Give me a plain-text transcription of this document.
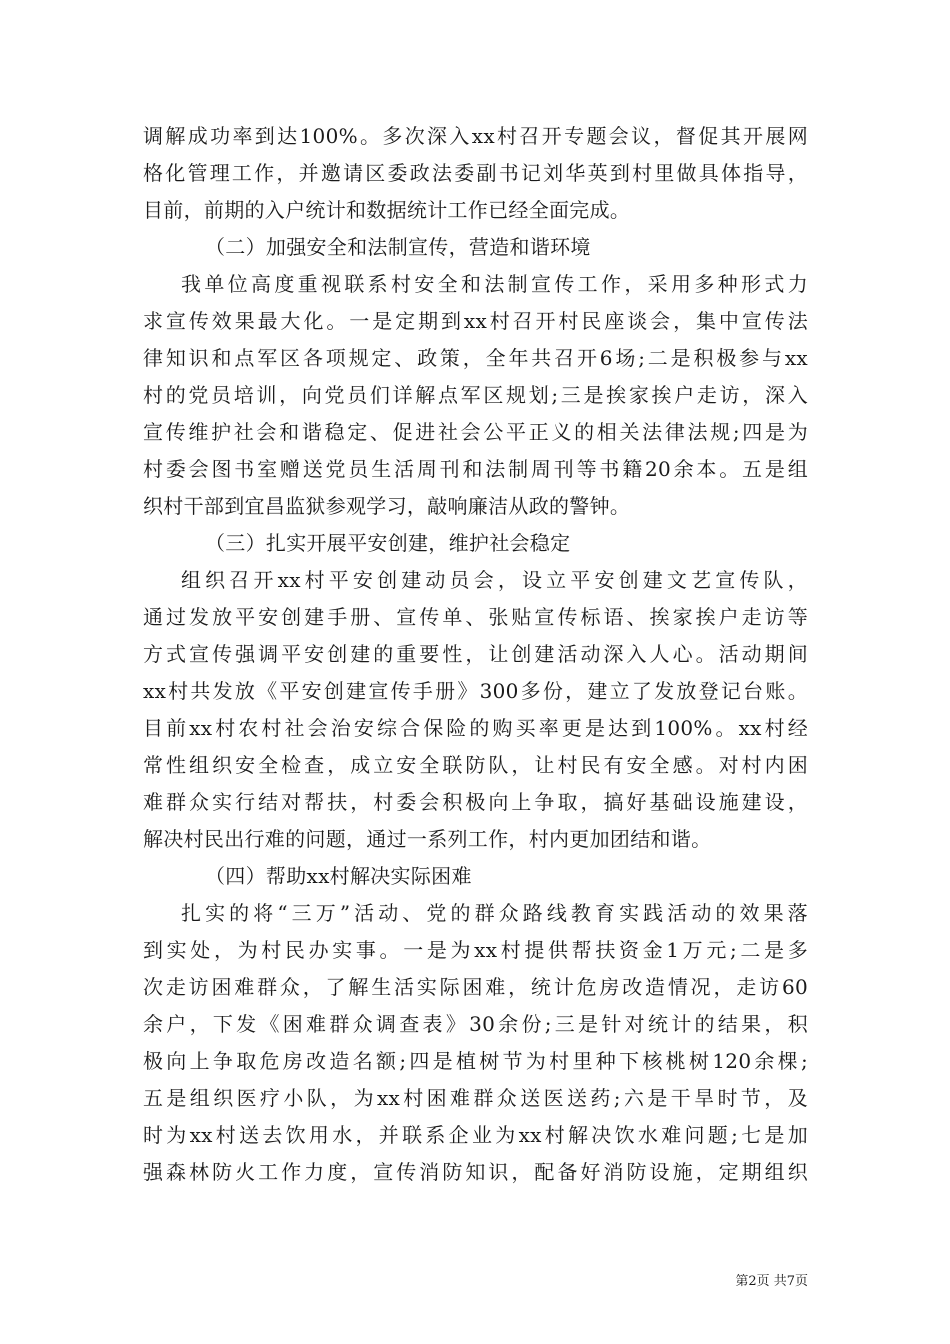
调解成功率到达100%。多次深入xx村召开专题会议，督促其开展网
格化管理工作，并邀请区委政法委副书记刘华英到村里做具体指导，
目前，前期的入户统计和数据统计工作已经全面完成。
（二）加强安全和法制宣传，营造和谐环境
我单位高度重视联系村安全和法制宣传工作，采用多种形式力
求宣传效果最大化。一是定期到xx村召开村民座谈会，集中宣传法
律知识和点军区各项规定、政策，全年共召开6场;二是积极参与xx
村的党员培训，向党员们详解点军区规划;三是挨家挨户走访，深入
宣传维护社会和谐稳定、促进社会公平正义的相关法律法规;四是为
村委会图书室赠送党员生活周刊和法制周刊等书籍20余本。五是组
织村干部到宜昌监狱参观学习，敲响廉洁从政的警钟。
（三）扎实开展平安创建，维护社会稳定
组织召开xx村平安创建动员会，设立平安创建文艺宣传队，
通过发放平安创建手册、宣传单、张贴宣传标语、挨家挨户走访等
方式宣传强调平安创建的重要性，让创建活动深入人心。活动期间
xx村共发放《平安创建宣传手册》300多份，建立了发放登记台账。
目前xx村农村社会治安综合保险的购买率更是达到100%。xx村经
常性组织安全检查，成立安全联防队，让村民有安全感。对村内困
难群众实行结对帮扶，村委会积极向上争取，搞好基础设施建设，
解决村民出行难的问题，通过一系列工作，村内更加团结和谐。
（四）帮助xx村解决实际困难
扎实的将“三万”活动、党的群众路线教育实践活动的效果落
到实处，为村民办实事。一是为xx村提供帮扶资金1万元;二是多
次走访困难群众，了解生活实际困难，统计危房改造情况，走访60
余户，下发《困难群众调查表》30余份;三是针对统计的结果，积
极向上争取危房改造名额;四是植树节为村里种下核桃树120余棵;
五是组织医疗小队，为xx村困难群众送医送药;六是干旱时节，及
时为xx村送去饮用水，并联系企业为xx村解决饮水难问题;七是加
强森林防火工作力度，宣传消防知识，配备好消防设施，定期组织
第2页 共7页
